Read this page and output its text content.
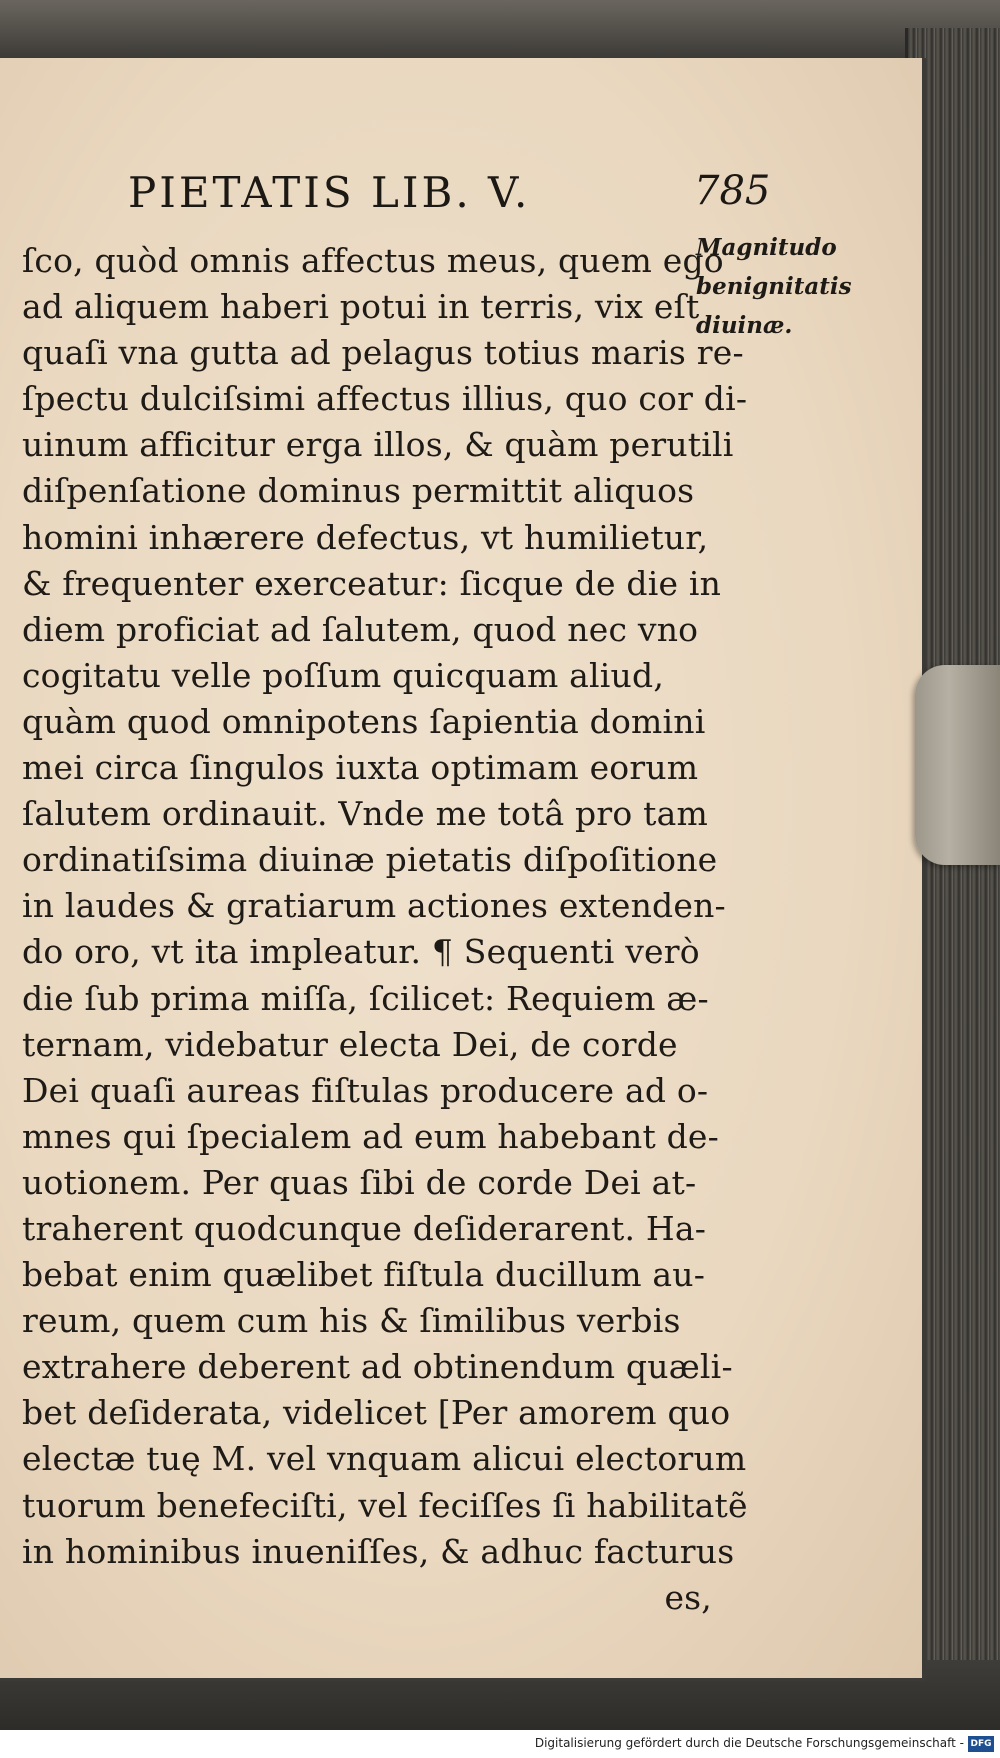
PIETATIS LIB. V.	785
Magnitudo
benignitatis
diuinæ.
ſco, quòd omnis affectus meus, quem ego
ad aliquem haberi potui in terris, vix eſt
quaſi vna gutta ad pelagus totius maris re-
ſpectu dulciſsimi affectus illius, quo cor di-
uinum afficitur erga illos, & quàm perutili
diſpenſatione dominus permittit aliquos
homini inhærere defectus, vt humilietur,
& frequenter exerceatur: ſicque de die in
diem proficiat ad ſalutem, quod nec vno
cogitatu velle poſſum quicquam aliud,
quàm quod omnipotens ſapientia domini
mei circa ſingulos iuxta optimam eorum
ſalutem ordinauit. Vnde me totâ pro tam
ordinatiſsima diuinæ pietatis diſpoſitione
in laudes & gratiarum actiones extenden-
do oro, vt ita impleatur. ¶ Sequenti verò
die ſub prima miſſa, ſcilicet: Requiem æ-
ternam, videbatur electa Dei, de corde
Dei quaſi aureas fiſtulas producere ad o-
mnes qui ſpecialem ad eum habebant de-
uotionem. Per quas ſibi de corde Dei at-
traherent quodcunque deſiderarent. Ha-
bebat enim quælibet fiſtula ducillum au-
reum, quem cum his & ſimilibus verbis
extrahere deberent ad obtinendum quæli-
bet deſiderata, videlicet [Per amorem quo
electæ tuę M. vel vnquam alicui electorum
tuorum benefeciſti, vel feciſſes ſi habilitatẽ
in hominibus inueniſſes, & adhuc facturus
es,
Digitalisierung gefördert durch die Deutsche Forschungsgemeinschaft - DFG
